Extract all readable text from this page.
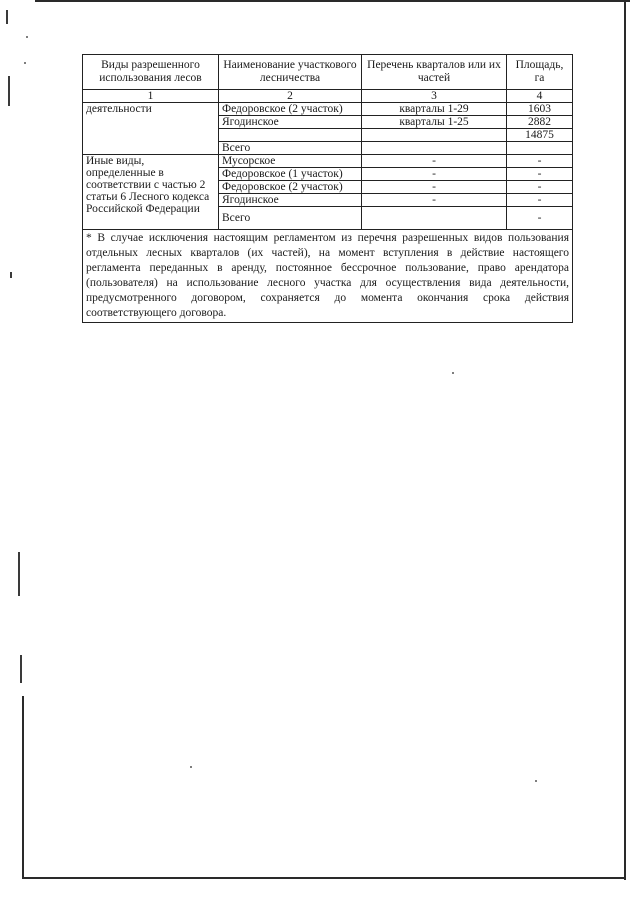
Виды разрешенного использования лесов	Наименование участкового лесничества	Перечень кварталов или их частей	Площадь, га
1	2	3	4
деятельности	Федоровское (2 участок)	кварталы 1-29	1603
	Ягодинское	кварталы 1-25	2882
			14875
	Всего		
Иные виды, определенные в соответствии с частью 2 статьи 6 Лесного кодекса Российской Федерации	Мусорское	-	-
	Федоровское (1 участок)	-	-
	Федоровское (2 участок)	-	-
	Ягодинское	-	-
	Всего		-
* В случае исключения настоящим регламентом из перечня разрешенных видов пользования отдельных лесных кварталов (их частей), на момент вступления в действие настоящего регламента переданных в аренду, постоянное бессрочное пользование, право арендатора (пользователя) на использование лесного участка для осуществления вида деятельности, предусмотренного договором, сохраняется до момента окончания срока действия соответствующего договора.			
